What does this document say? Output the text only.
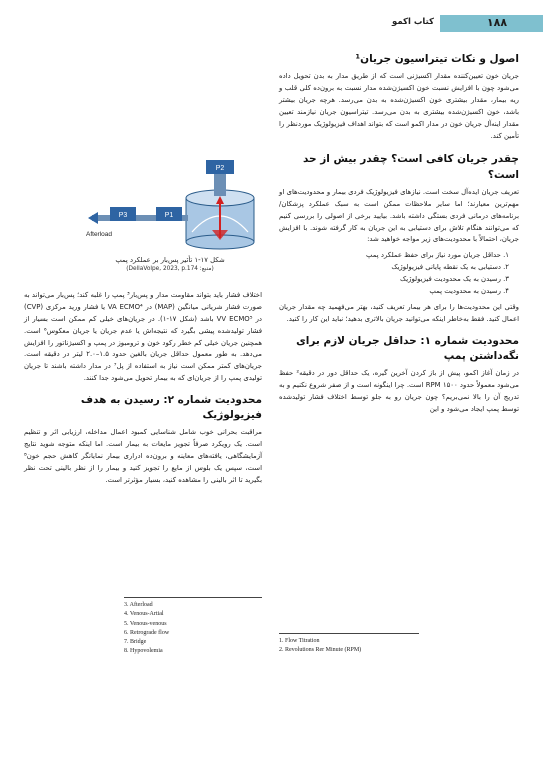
۱۸۸
کتاب اکمو
اصول و نکات تیتراسیون جریان¹

جریان خون تعیین‌کننده مقدار اکسیژنی است که از طریق مدار به بدن تحویل داده می‌شود چون با افزایش نسبت خون اکسیژن‌شده مدار نسبت به برون‌ده کلی قلب و ریه بیمار، مقدار بیشتری خون اکسیژن‌شده به بدن می‌رسد. هرچه جریان بیشتر باشد، خون اکسیژن‌شده بیشتری به بدن می‌رسد. تیتراسیون جریان نیازمند تعیین مقدار اینه‌آل جریان خون در مدار اکمو است که بتواند اهداف فیزیولوژیک موردنظر را تأمین کند.

چقدر جریان کافی است؟ چقدر بیش از حد است؟

تعریف جریان ایده‌آل سخت است. نیازهای فیزیولوژیک فردی بیمار و محدودیت‌های او مهم‌ترین معیارند؛ اما سایر ملاحظات ممکن است به سبک عملکرد پزشکان/ برنامه‌های درمانی فردی بستگی داشته باشد. بیایید برخی از اصولی را بررسی کنیم که می‌توانند هنگام تلاش برای دستیابی به این جریان به کار گرفته شوند. با افزایش جریان، احتمالاً با محدودیت‌های زیر مواجه خواهید شد:

۱. حداقل جریان مورد نیاز برای حفظ عملکرد پمپ
۲. دستیابی به یک نقطه پایانی فیزیولوژیک
۳. رسیدن به یک محدودیت فیزیولوژیک
۴. رسیدن به محدودیت پمپ

وقتی این محدودیت‌ها را برای هر بیمار تعریف کنید، بهتر می‌فهمید چه مقدار جریان اعمال کنید. فقط به‌خاطر اینکه می‌توانید جریان بالاتری بدهید؛ نباید این کار را کنید.

محدودیت شماره ۱: حداقل جریان لازم برای نگه‌داشتن پمپ

در زمان آغاز اکمو، پیش از باز کردن آخرین گیره، یک حداقل دور در دقیقه² حفظ می‌شود معمولاً حدود ۱۵۰۰ RPM است. چرا اینگونه است و از صفر شروع نکنیم و به تدریج آن را بالا نمی‌بریم؟ چون جریان رو به جلو توسط اختلاف فشار تولیدشده توسط پمپ ایجاد می‌شود و این

P2
P1
P3
Afterload
شکل ۱۷-۱ تأثیر پس‌بار بر عملکرد پمپ
(منبع: DellaVolpe, 2023, p.174)

اختلاف فشار باید بتواند مقاومت مدار و پس‌بار³ پمپ را غلبه کند؛ پس‌بار می‌تواند به صورت فشار شریانی میانگین (MAP) در VA ECMO⁴ یا فشار ورید مرکزی (CVP) در VV ECMO⁵ باشد (شکل ۱۷-۱). در جریان‌های خیلی کم ممکن است بسیار از فشار تولیدشده پیشی بگیرد که نتیجه‌اش یا عدم جریان یا جریان معکوس⁶ است. همچنین جریان خیلی کم خطر رکود خون و ترومبوز در پمپ و اکسیژناتور را افزایش می‌دهد. به طور معمول حداقل جریان بالغین حدود ۱.۵–۲.۰ لیتر در دقیقه است. جریان‌های کمتر ممکن است نیاز به استفاده از پل⁷ در مدار داشته باشند تا جریان تولیدی پمپ را از جریان‌ای که به بیمار تحویل می‌شود جدا کنند.

محدودیت شماره ۲: رسیدن به هدف فیزیولوژیک

مراقبت بحرانی خوب شامل شناسایی کمبود اعمال مداخله، ارزیابی اثر و تنظیم است. یک رویکرد صرفاً تجویز مایعات به بیمار است. اما اینکه متوجه شوید نتایج آزمایشگاهی، یافته‌های معاینه و برون‌ده ادراری بیمار نمایانگر کاهش حجم خون⁸ است، سپس یک بلوس از مایع را تجویز کنید و بیمار را از نظر بالینی تحت نظر بگیرید تا اثر بالینی را مشاهده کنید، بسیار مؤثرتر است.

3. Afterload

4. Venous-Artial

5. Venous-venous

6. Retrograde flow

7. Bridge

8. Hypovolemia

1. Flow Titration

2. Revolutions Rer Minute (RPM)
